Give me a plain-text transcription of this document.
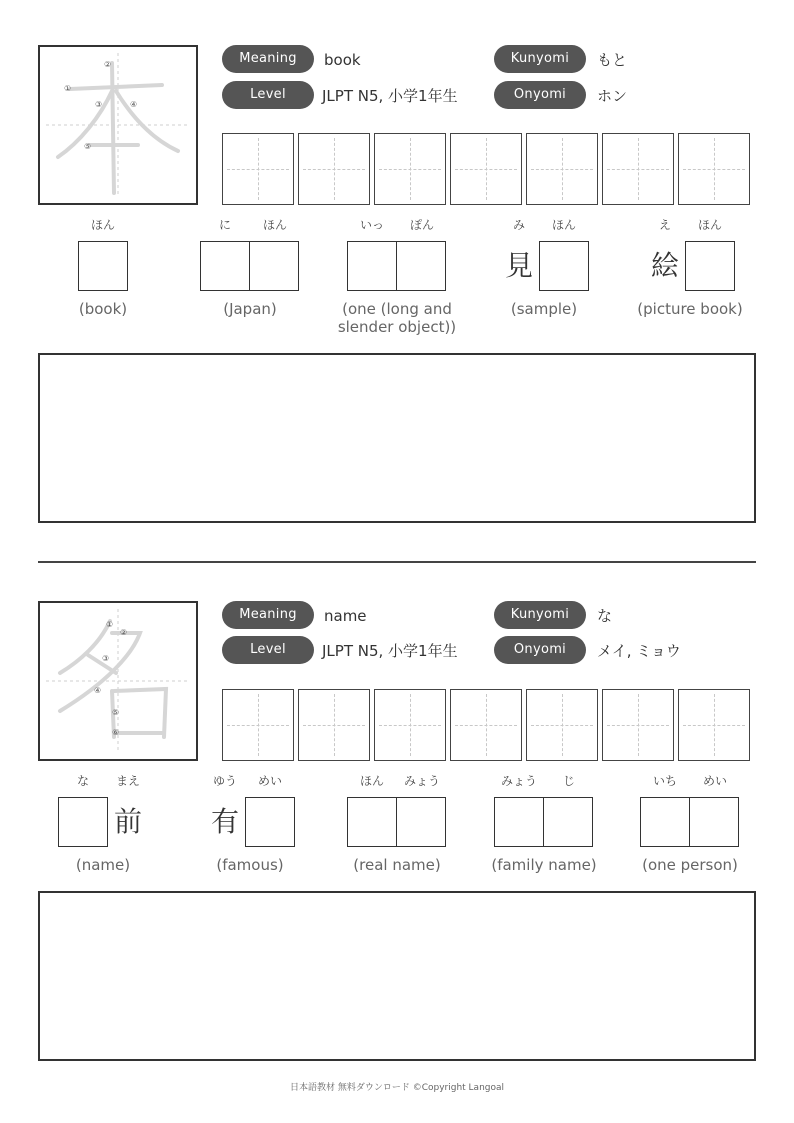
①
②
③	④
⑤
Meaning	book	Kunyomi	もと
Level	JLPT N5, 小学1年生	Onyomi	ホン
ほん
(book)
に	ほん
(Japan)
いっ	ぽん
(one (long and slender object))
み	ほん
見
(sample)
え	ほん
絵
(picture book)
①
②
③
④
⑤
⑥
Meaning	name	Kunyomi	な
Level	JLPT N5, 小学1年生	Onyomi	メイ, ミョウ
な	まえ
前
(name)
ゆう	めい
有
(famous)
ほん	みょう
(real name)
みょう	じ
(family name)
いち	めい
(one person)
日本語教材 無料ダウンロード ©Copyright Langoal
